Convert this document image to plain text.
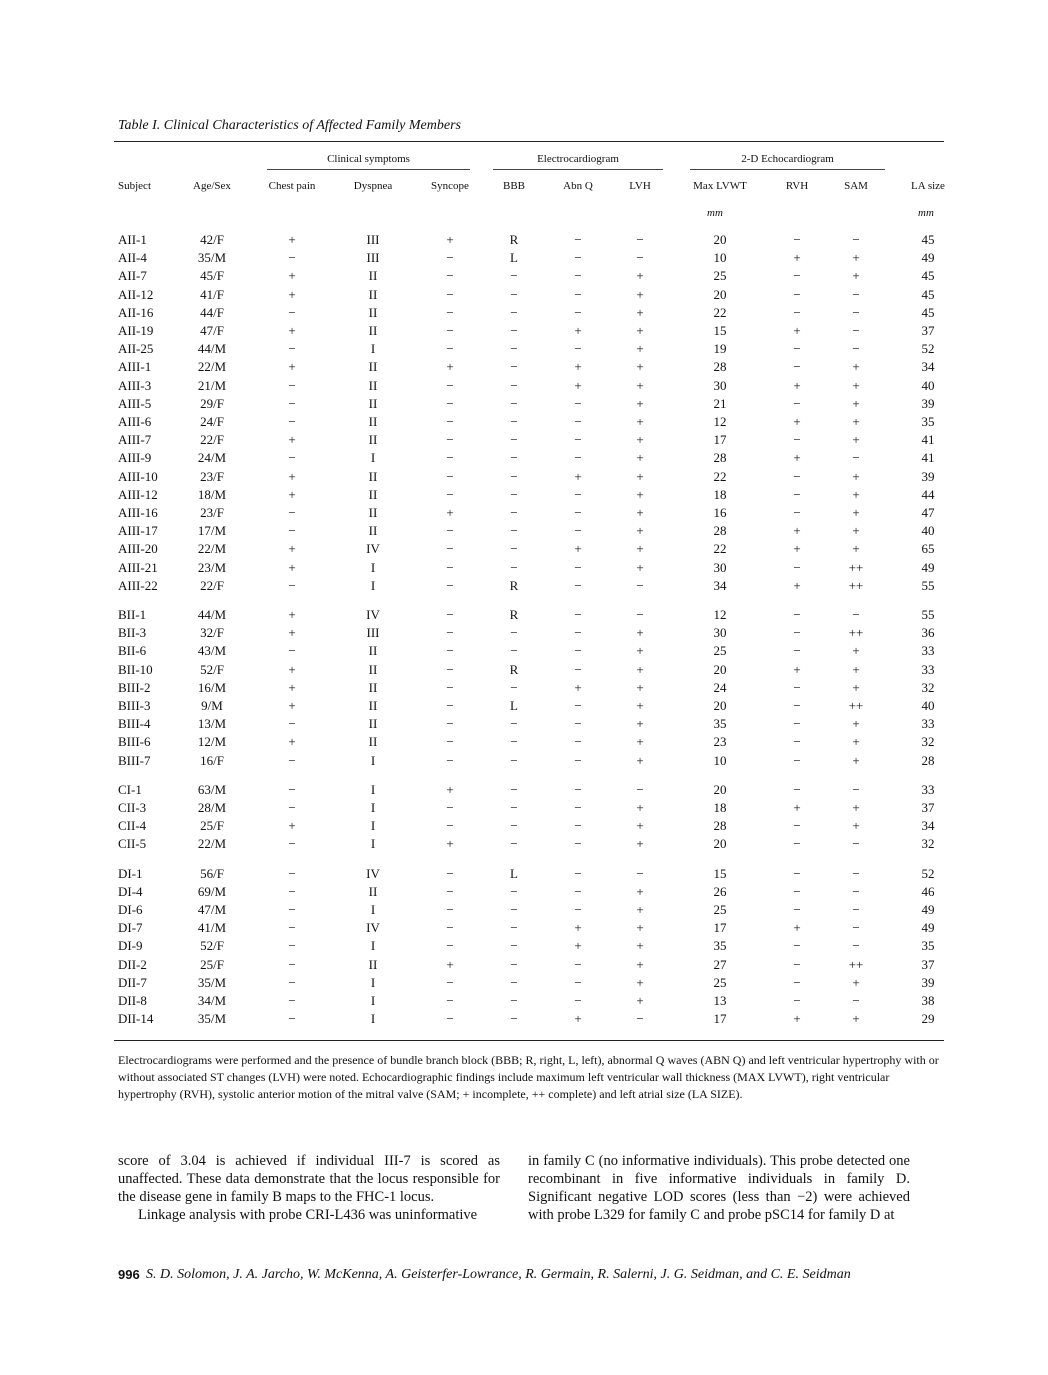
Table I. Clinical Characteristics of Affected Family Members
Clinical symptoms	Electrocardiogram	2-D Echocardiogram
Subject	Age/Sex	Chest pain	Dyspnea	Syncope	BBB	Abn Q	LVH	Max LVWT	RVH	SAM	LA size
mm	mm
AII-1	42/F	+	III	+	R	−	−	20	−	−	45
AII-4	35/M	−	III	−	L	−	−	10	+	+	49
AII-7	45/F	+	II	−	−	−	+	25	−	+	45
AII-12	41/F	+	II	−	−	−	+	20	−	−	45
AII-16	44/F	−	II	−	−	−	+	22	−	−	45
AII-19	47/F	+	II	−	−	+	+	15	+	−	37
AII-25	44/M	−	I	−	−	−	+	19	−	−	52
AIII-1	22/M	+	II	+	−	+	+	28	−	+	34
AIII-3	21/M	−	II	−	−	+	+	30	+	+	40
AIII-5	29/F	−	II	−	−	−	+	21	−	+	39
AIII-6	24/F	−	II	−	−	−	+	12	+	+	35
AIII-7	22/F	+	II	−	−	−	+	17	−	+	41
AIII-9	24/M	−	I	−	−	−	+	28	+	−	41
AIII-10	23/F	+	II	−	−	+	+	22	−	+	39
AIII-12	18/M	+	II	−	−	−	+	18	−	+	44
AIII-16	23/F	−	II	+	−	−	+	16	−	+	47
AIII-17	17/M	−	II	−	−	−	+	28	+	+	40
AIII-20	22/M	+	IV	−	−	+	+	22	+	+	65
AIII-21	23/M	+	I	−	−	−	+	30	−	++	49
AIII-22	22/F	−	I	−	R	−	−	34	+	++	55
BII-1	44/M	+	IV	−	R	−	−	12	−	−	55
BII-3	32/F	+	III	−	−	−	+	30	−	++	36
BII-6	43/M	−	II	−	−	−	+	25	−	+	33
BII-10	52/F	+	II	−	R	−	+	20	+	+	33
BIII-2	16/M	+	II	−	−	+	+	24	−	+	32
BIII-3	9/M	+	II	−	L	−	+	20	−	++	40
BIII-4	13/M	−	II	−	−	−	+	35	−	+	33
BIII-6	12/M	+	II	−	−	−	+	23	−	+	32
BIII-7	16/F	−	I	−	−	−	+	10	−	+	28
CI-1	63/M	−	I	+	−	−	−	20	−	−	33
CII-3	28/M	−	I	−	−	−	+	18	+	+	37
CII-4	25/F	+	I	−	−	−	+	28	−	+	34
CII-5	22/M	−	I	+	−	−	+	20	−	−	32
DI-1	56/F	−	IV	−	L	−	−	15	−	−	52
DI-4	69/M	−	II	−	−	−	+	26	−	−	46
DI-6	47/M	−	I	−	−	−	+	25	−	−	49
DI-7	41/M	−	IV	−	−	+	+	17	+	−	49
DI-9	52/F	−	I	−	−	+	+	35	−	−	35
DII-2	25/F	−	II	+	−	−	+	27	−	++	37
DII-7	35/M	−	I	−	−	−	+	25	−	+	39
DII-8	34/M	−	I	−	−	−	+	13	−	−	38
DII-14	35/M	−	I	−	−	+	−	17	+	+	29
Electrocardiograms were performed and the presence of bundle branch block (BBB; R, right, L, left), abnormal Q waves (ABN Q) and left ventricular hypertrophy with or without associated ST changes (LVH) were noted. Echocardiographic findings include maximum left ventricular wall thickness (MAX LVWT), right ventricular hypertrophy (RVH), systolic anterior motion of the mitral valve (SAM; + incomplete, ++ complete) and left atrial size (LA SIZE).

score of 3.04 is achieved if individual III-7 is scored as unaffected. These data demonstrate that the locus responsible for the disease gene in family B maps to the FHC-1 locus.

Linkage analysis with probe CRI-L436 was uninformative

in family C (no informative individuals). This probe detected one recombinant in five informative individuals in family D. Significant negative LOD scores (less than −2) were achieved with probe L329 for family C and probe pSC14 for family D at

996 S. D. Solomon, J. A. Jarcho, W. McKenna, A. Geisterfer-Lowrance, R. Germain, R. Salerni, J. G. Seidman, and C. E. Seidman
